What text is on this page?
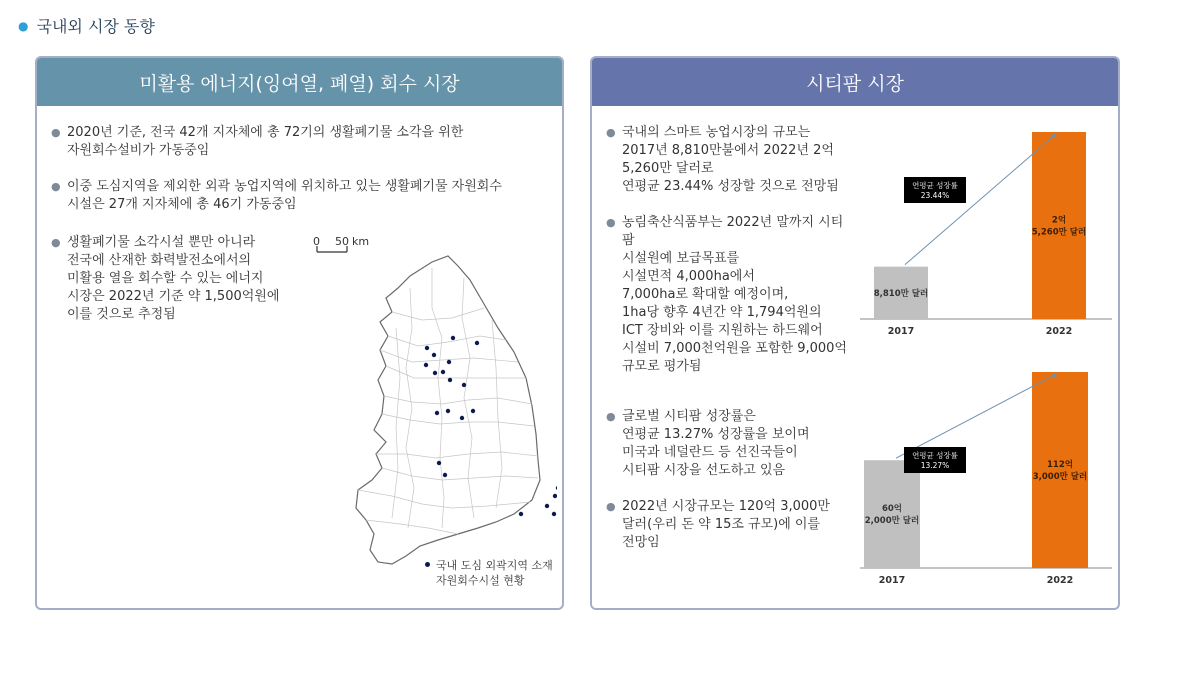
● 국내외 시장 동향
미활용 에너지(잉여열, 폐열) 회수 시장
● 2020년 기준, 전국 42개 지자체에 총 72기의 생활폐기물 소각을 위한
자원회수설비가 가동중임
● 이중 도심지역을 제외한 외곽 농업지역에 위치하고 있는 생활폐기물 자원회수
시설은 27개 지자체에 총 46기 가동중임
● 생활폐기물 소각시설 뿐만 아니라
전국에 산재한 화력발전소에서의
미활용 열을 회수할 수 있는 에너지
시장은 2022년 기준 약 1,500억원에
이를 것으로 추정됨
0 50 km
국내 도심 외곽지역 소재
자원회수시설 현황
시티팜 시장
● 국내의 스마트 농업시장의 규모는
2017년 8,810만불에서 2022년 2억 5,260만 달러로
연평균 23.44% 성장할 것으로 전망됨
● 농림축산식품부는 2022년 말까지 시티팜
시설원예 보급목표를
시설면적 4,000ha에서
7,000ha로 확대할 예정이며,
1ha당 향후 4년간 약 1,794억원의
ICT 장비와 이를 지원하는 하드웨어
시설비 7,000천억원을 포함한 9,000억
규모로 평가됨
● 글로벌 시티팜 성장률은
연평균 13.27% 성장률을 보이며
미국과 네덜란드 등 선진국들이
시티팜 시장을 선도하고 있음
● 2022년 시장규모는 120억 3,000만
달러(우리 돈 약 15조 규모)에 이를
전망임
8,810만 달러
2017
2억
5,260만 달러
2022
연평균 성장률
23.44%
60억
2,000만 달러
2017
112억
3,000만 달러
2022
연평균 성장률
13.27%
